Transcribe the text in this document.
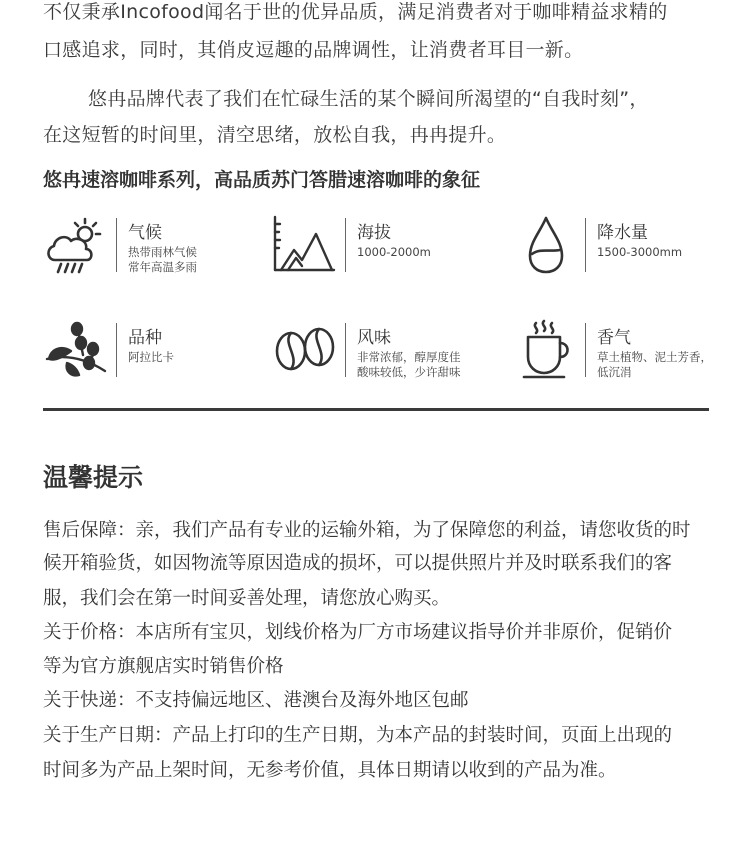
不仅秉承Incofood闻名于世的优异品质，满足消费者对于咖啡精益求精的
口感追求，同时，其俏皮逗趣的品牌调性，让消费者耳目一新。
悠冉品牌代表了我们在忙碌生活的某个瞬间所渴望的“自我时刻”，
在这短暂的时间里，清空思绪，放松自我，冉冉提升。
悠冉速溶咖啡系列，高品质苏门答腊速溶咖啡的象征
气候
热带雨林气候
常年高温多雨
海拔
1000-2000m
降水量
1500-3000mm
品种
阿拉比卡
风味
非常浓郁，醇厚度佳
酸味较低，少许甜味
香气
草土植物、泥土芳香，
低沉涓
温馨提示
售后保障：亲，我们产品有专业的运输外箱，为了保障您的利益，请您收货的时
候开箱验货，如因物流等原因造成的损坏，可以提供照片并及时联系我们的客
服，我们会在第一时间妥善处理，请您放心购买。
关于价格：本店所有宝贝，划线价格为厂方市场建议指导价并非原价，促销价
等为官方旗舰店实时销售价格
关于快递：不支持偏远地区、港澳台及海外地区包邮
关于生产日期：产品上打印的生产日期，为本产品的封装时间，页面上出现的
时间多为产品上架时间，无参考价值，具体日期请以收到的产品为准。
